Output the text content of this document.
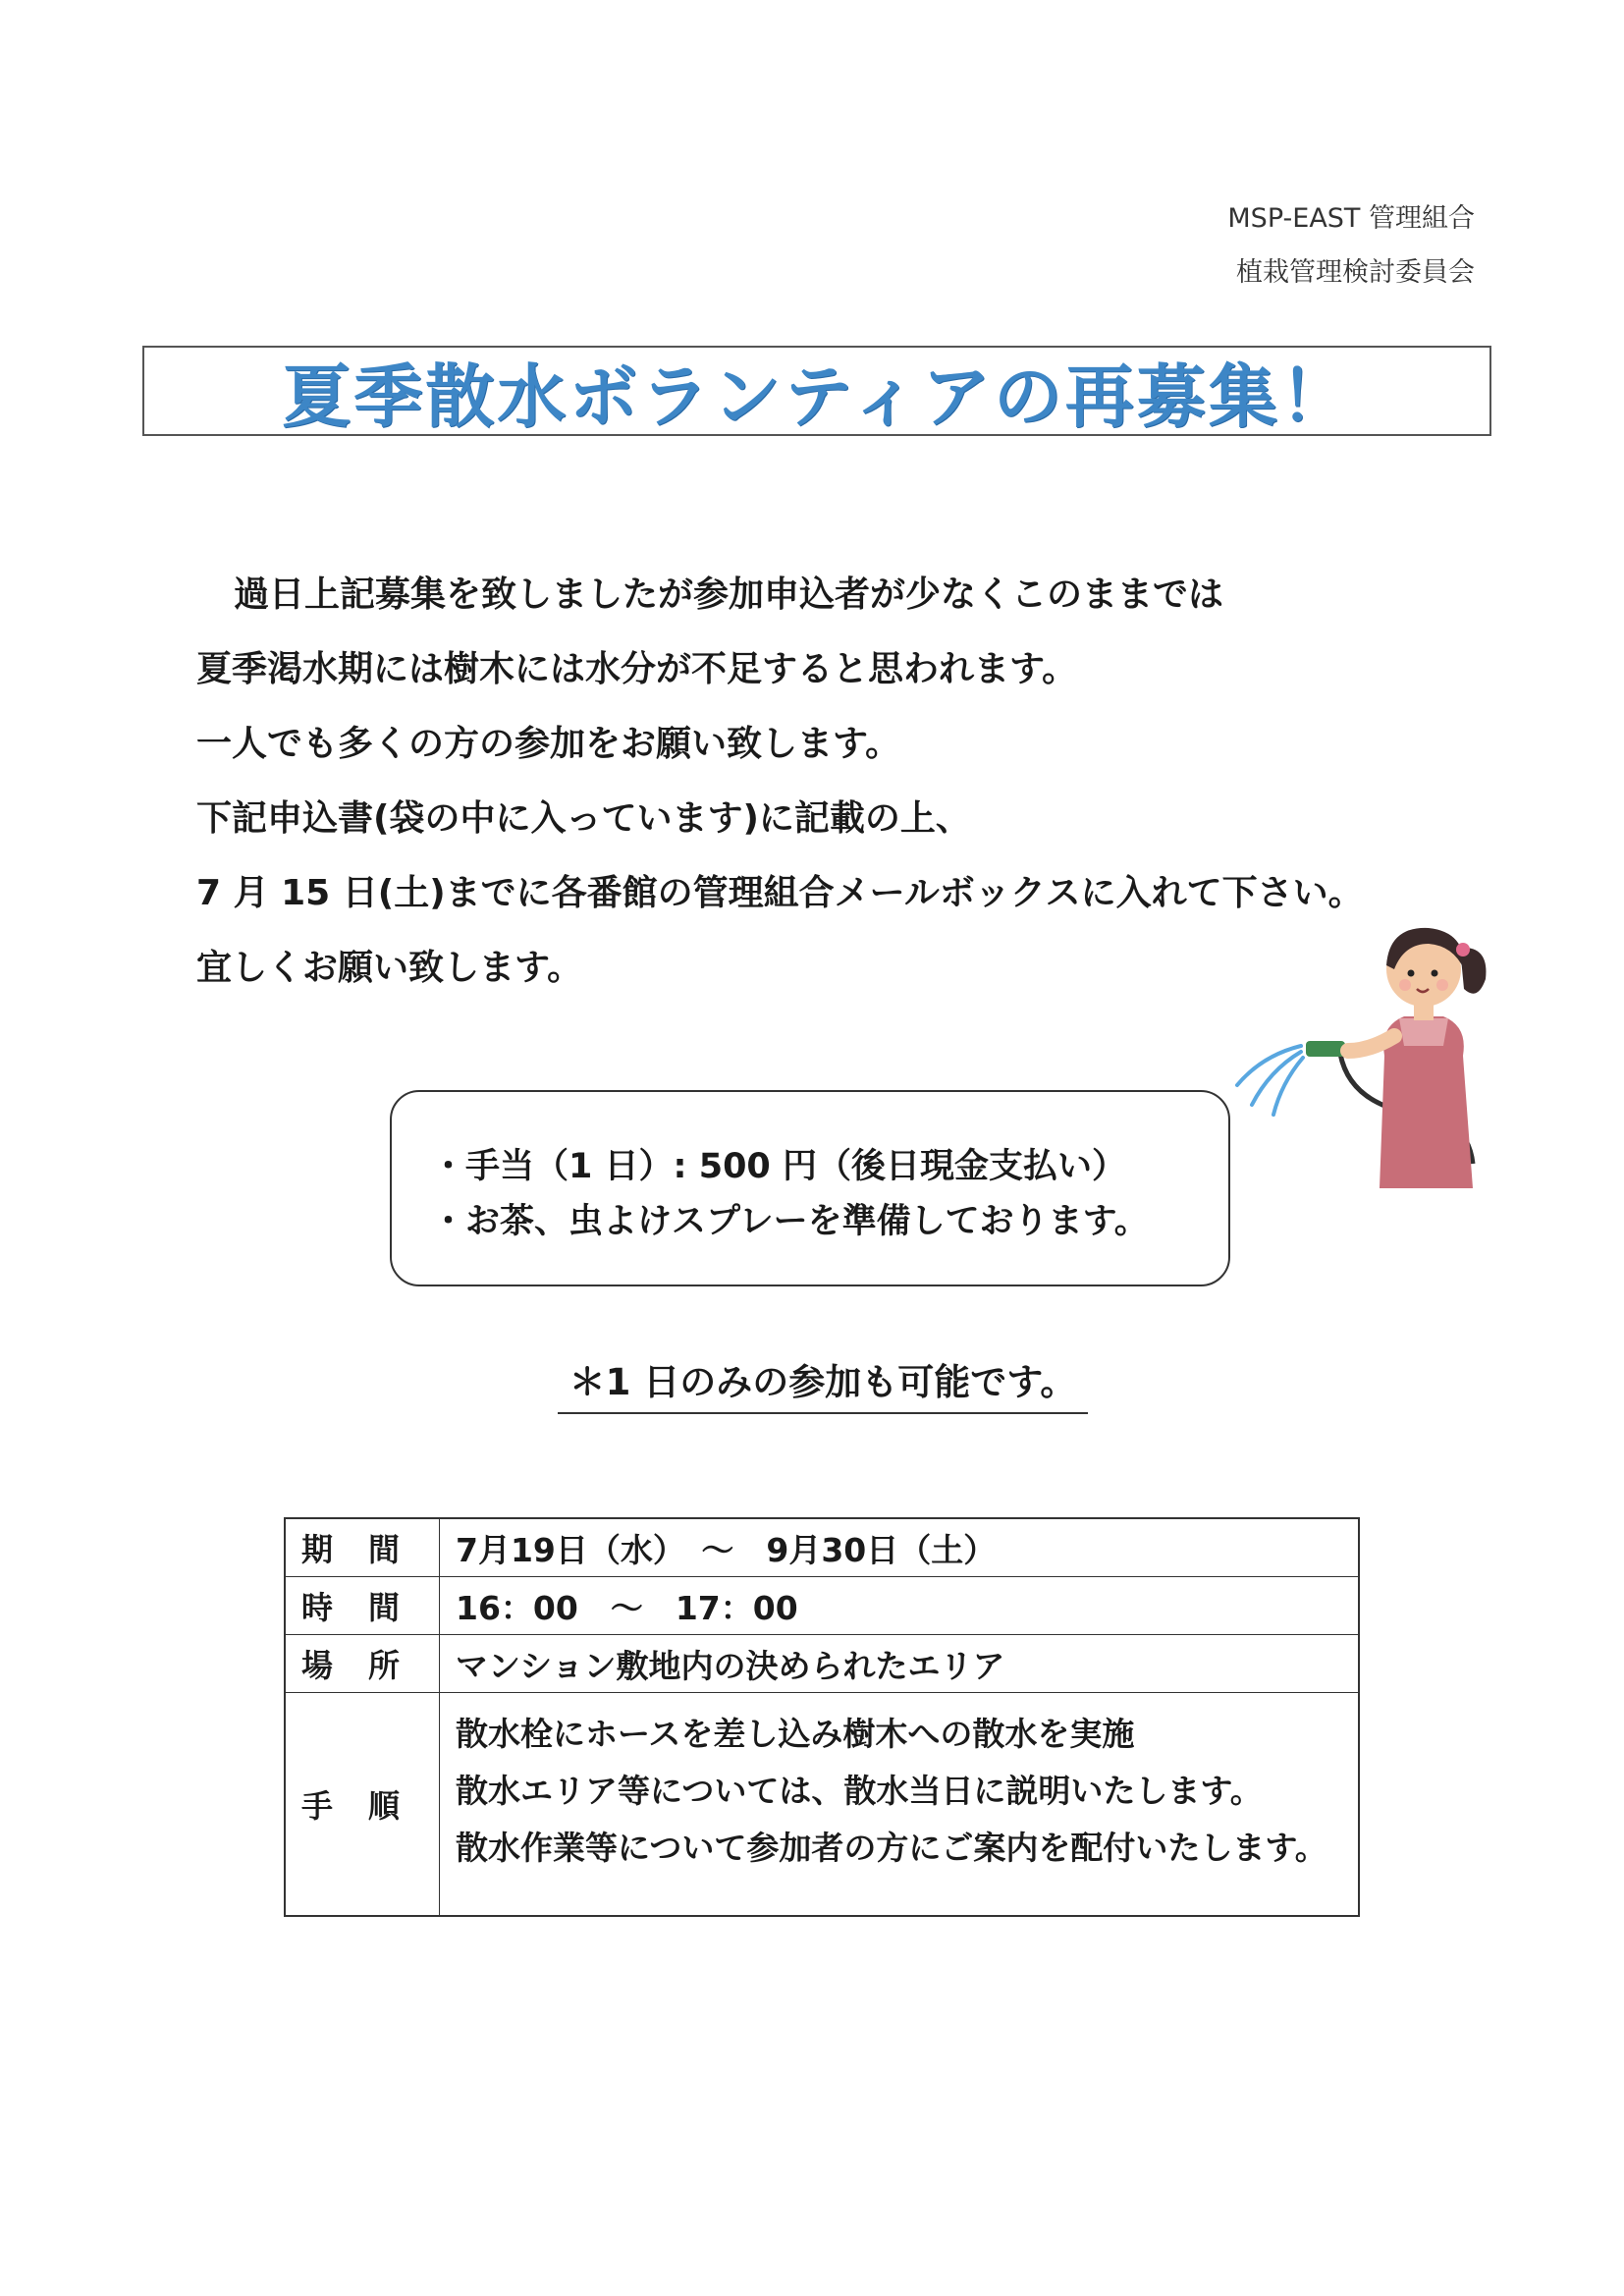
MSP-EAST 管理組合
植栽管理検討委員会
夏季散水ボランティアの再募集！
過日上記募集を致しましたが参加申込者が少なくこのままでは
夏季渇水期には樹木には水分が不足すると思われます。
一人でも多くの方の参加をお願い致します。
下記申込書(袋の中に入っています)に記載の上、
7 月 15 日(土)までに各番館の管理組合メールボックスに入れて下さい。
宜しくお願い致します。
・手当（1 日）: 500 円（後日現金支払い）
・お茶、虫よけスプレーを準備しております。
＊1 日のみの参加も可能です。
期　間	7月19日（水）　～　9月30日（土）
時　間	16：00　～　17：00
場　所	マンション敷地内の決められたエリア
手　順	散水栓にホースを差し込み樹木への散水を実施
散水エリア等については、散水当日に説明いたします。
散水作業等について参加者の方にご案内を配付いたします。
